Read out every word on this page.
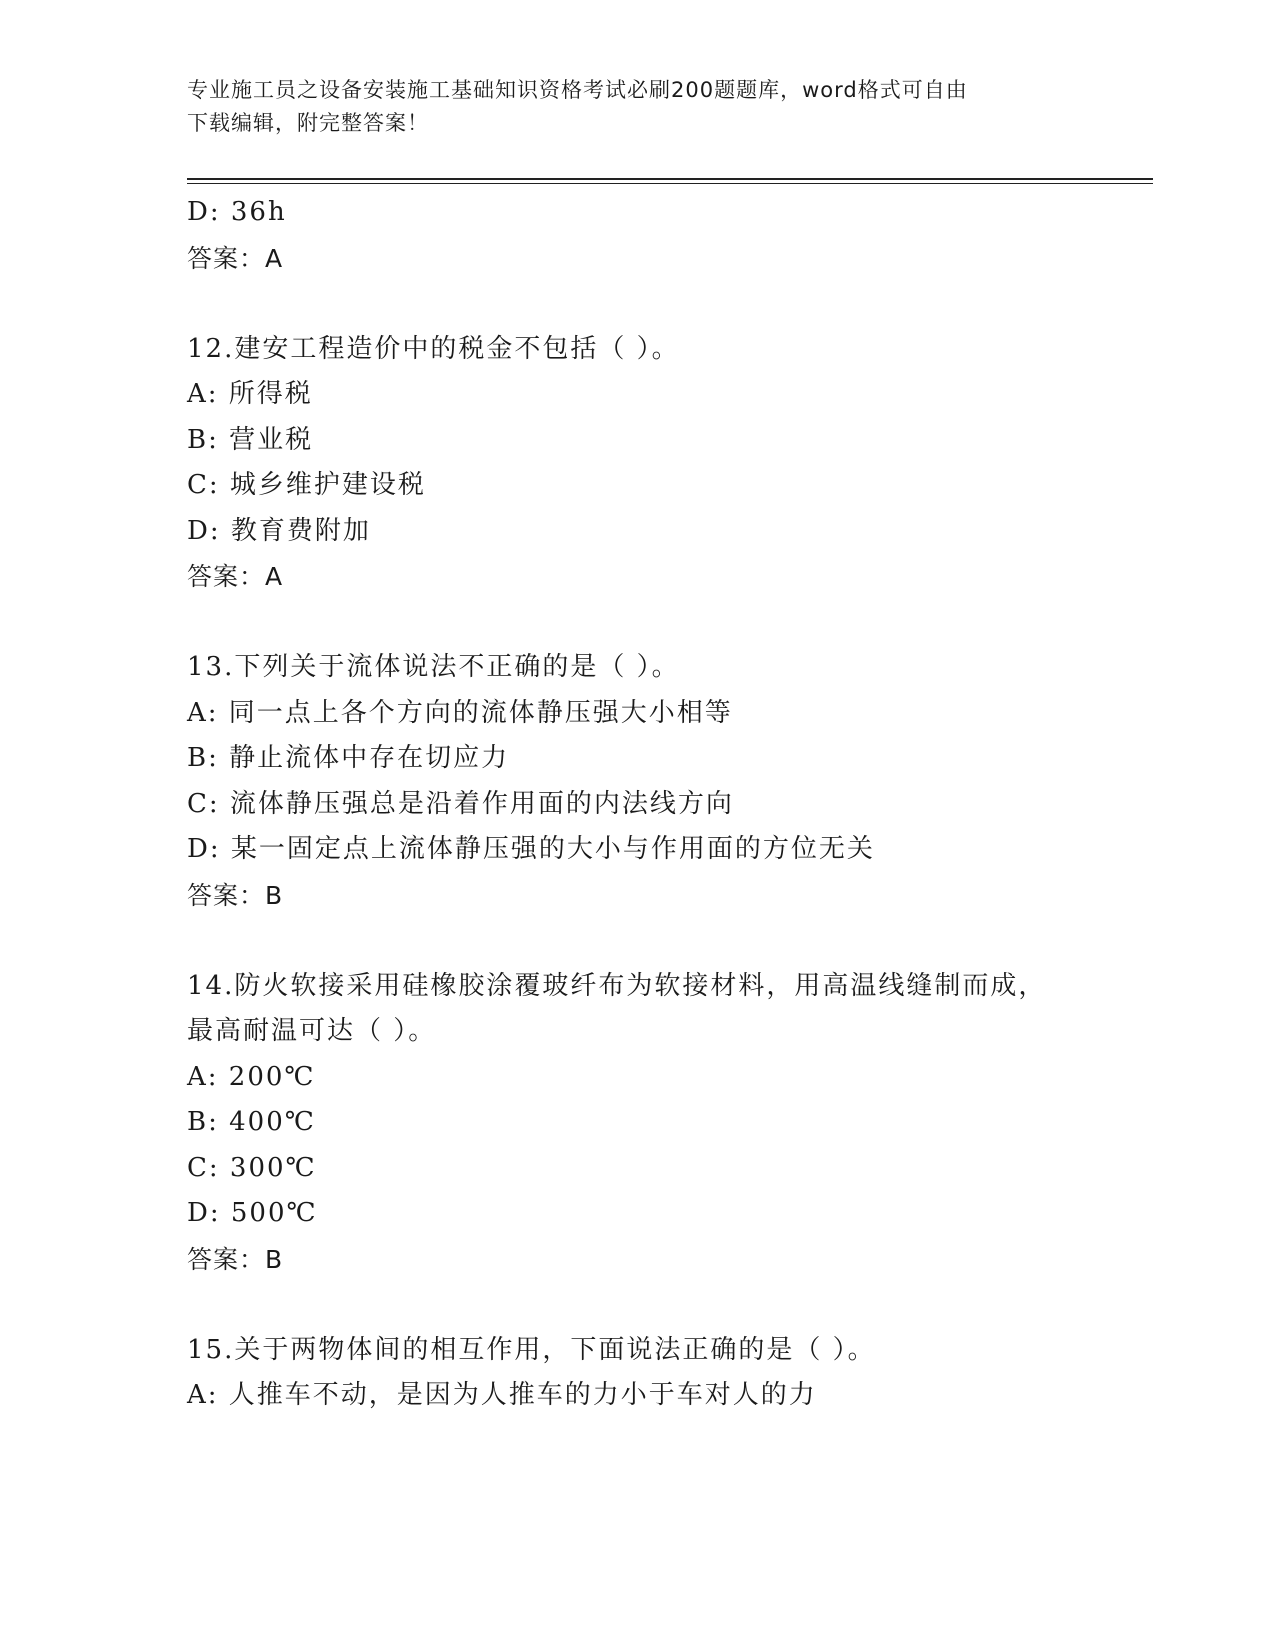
专业施工员之设备安装施工基础知识资格考试必刷200题题库，word格式可自由
下载编辑，附完整答案！
D: 36h
答案：A
12.建安工程造价中的税金不包括（ ）。
A: 所得税
B: 营业税
C: 城乡维护建设税
D: 教育费附加
答案：A
13.下列关于流体说法不正确的是（ ）。
A: 同一点上各个方向的流体静压强大小相等
B: 静止流体中存在切应力
C: 流体静压强总是沿着作用面的内法线方向
D: 某一固定点上流体静压强的大小与作用面的方位无关
答案：B
14.防火软接采用硅橡胶涂覆玻纤布为软接材料，用高温线缝制而成，
最高耐温可达（ ）。
A: 200℃
B: 400℃
C: 300℃
D: 500℃
答案：B
15.关于两物体间的相互作用，下面说法正确的是（ ）。
A: 人推车不动，是因为人推车的力小于车对人的力
